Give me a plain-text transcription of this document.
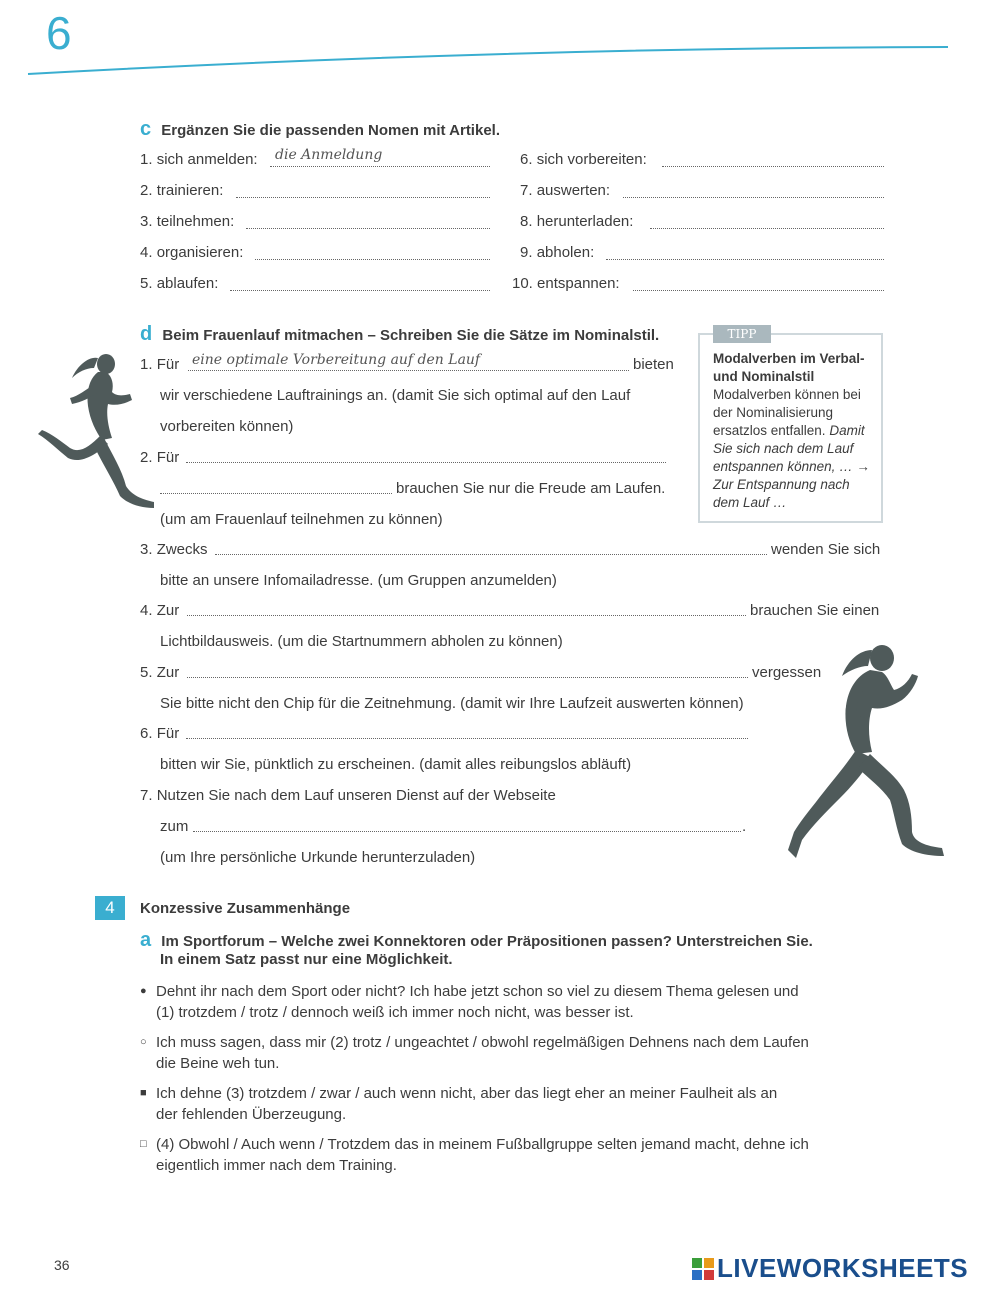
6
c Ergänzen Sie die passenden Nomen mit Artikel.
1. sich anmelden: die Anmeldung
2. trainieren:
3. teilnehmen:
4. organisieren:
5. ablaufen:
6. sich vorbereiten:
7. auswerten:
8. herunterladen:
9. abholen:
10. entspannen:
d Beim Frauenlauf mitmachen – Schreiben Sie die Sätze im Nominalstil.
1. Für eine optimale Vorbereitung auf den Lauf	bieten
wir verschiedene Lauftrainings an. (damit Sie sich optimal auf den Lauf
vorbereiten können)
2. Für
brauchen Sie nur die Freude am Laufen.
(um am Frauenlauf teilnehmen zu können)
TIPP
Modalverben im Verbal- und Nominalstil
Modalverben können bei der Nominalisierung ersatzlos entfallen. Damit Sie sich nach dem Lauf entspannen können, … → Zur Entspannung nach dem Lauf …
3. Zwecks	wenden Sie sich
bitte an unsere Infomailadresse. (um Gruppen anzumelden)
4. Zur	brauchen Sie einen
Lichtbildausweis. (um die Startnummern abholen zu können)
5. Zur	vergessen
Sie bitte nicht den Chip für die Zeitnehmung. (damit wir Ihre Laufzeit auswerten können)
6. Für
bitten wir Sie, pünktlich zu erscheinen. (damit alles reibungslos abläuft)
7. Nutzen Sie nach dem Lauf unseren Dienst auf der Webseite
zum	.
(um Ihre persönliche Urkunde herunterzuladen)
4	Konzessive Zusammenhänge
a Im Sportforum – Welche zwei Konnektoren oder Präpositionen passen? Unterstreichen Sie.
In einem Satz passt nur eine Möglichkeit.
● Dehnt ihr nach dem Sport oder nicht? Ich habe jetzt schon so viel zu diesem Thema gelesen und
(1) trotzdem / trotz / dennoch weiß ich immer noch nicht, was besser ist.
○ Ich muss sagen, dass mir (2) trotz / ungeachtet / obwohl regelmäßigen Dehnens nach dem Laufen
die Beine weh tun.
■ Ich dehne (3) trotzdem / zwar / auch wenn nicht, aber das liegt eher an meiner Faulheit als an
der fehlenden Überzeugung.
□ (4) Obwohl / Auch wenn / Trotzdem das in meinem Fußballgruppe selten jemand macht, dehne ich
eigentlich immer nach dem Training.
36	LIVEWORKSHEETS
